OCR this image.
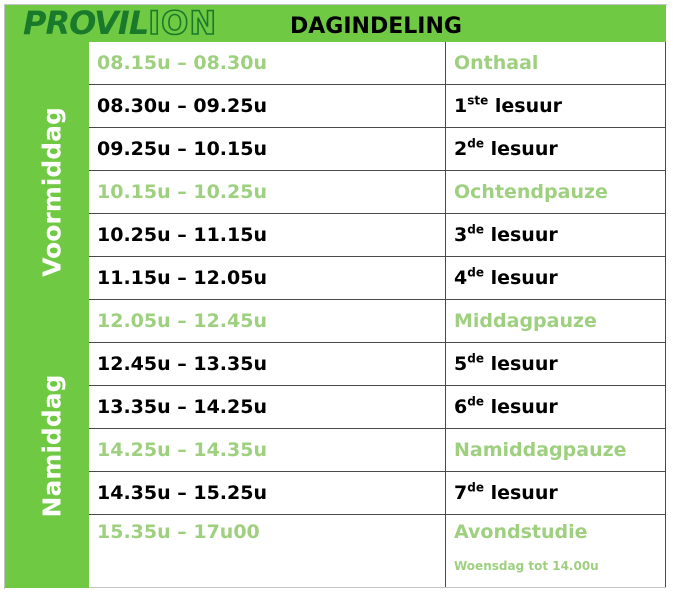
PROVIL ION	DAGINDELING
Voormiddag
Namiddag
08.15u – 08.30u	Onthaal
08.30u – 09.25u	1ste lesuur
09.25u – 10.15u	2de lesuur
10.15u – 10.25u	Ochtendpauze
10.25u – 11.15u	3de lesuur
11.15u – 12.05u	4de lesuur
12.05u – 12.45u	Middagpauze
12.45u – 13.35u	5de lesuur
13.35u – 14.25u	6de lesuur
14.25u – 14.35u	Namiddagpauze
14.35u – 15.25u	7de lesuur
15.35u – 17u00	Avondstudie
Woensdag tot 14.00u
